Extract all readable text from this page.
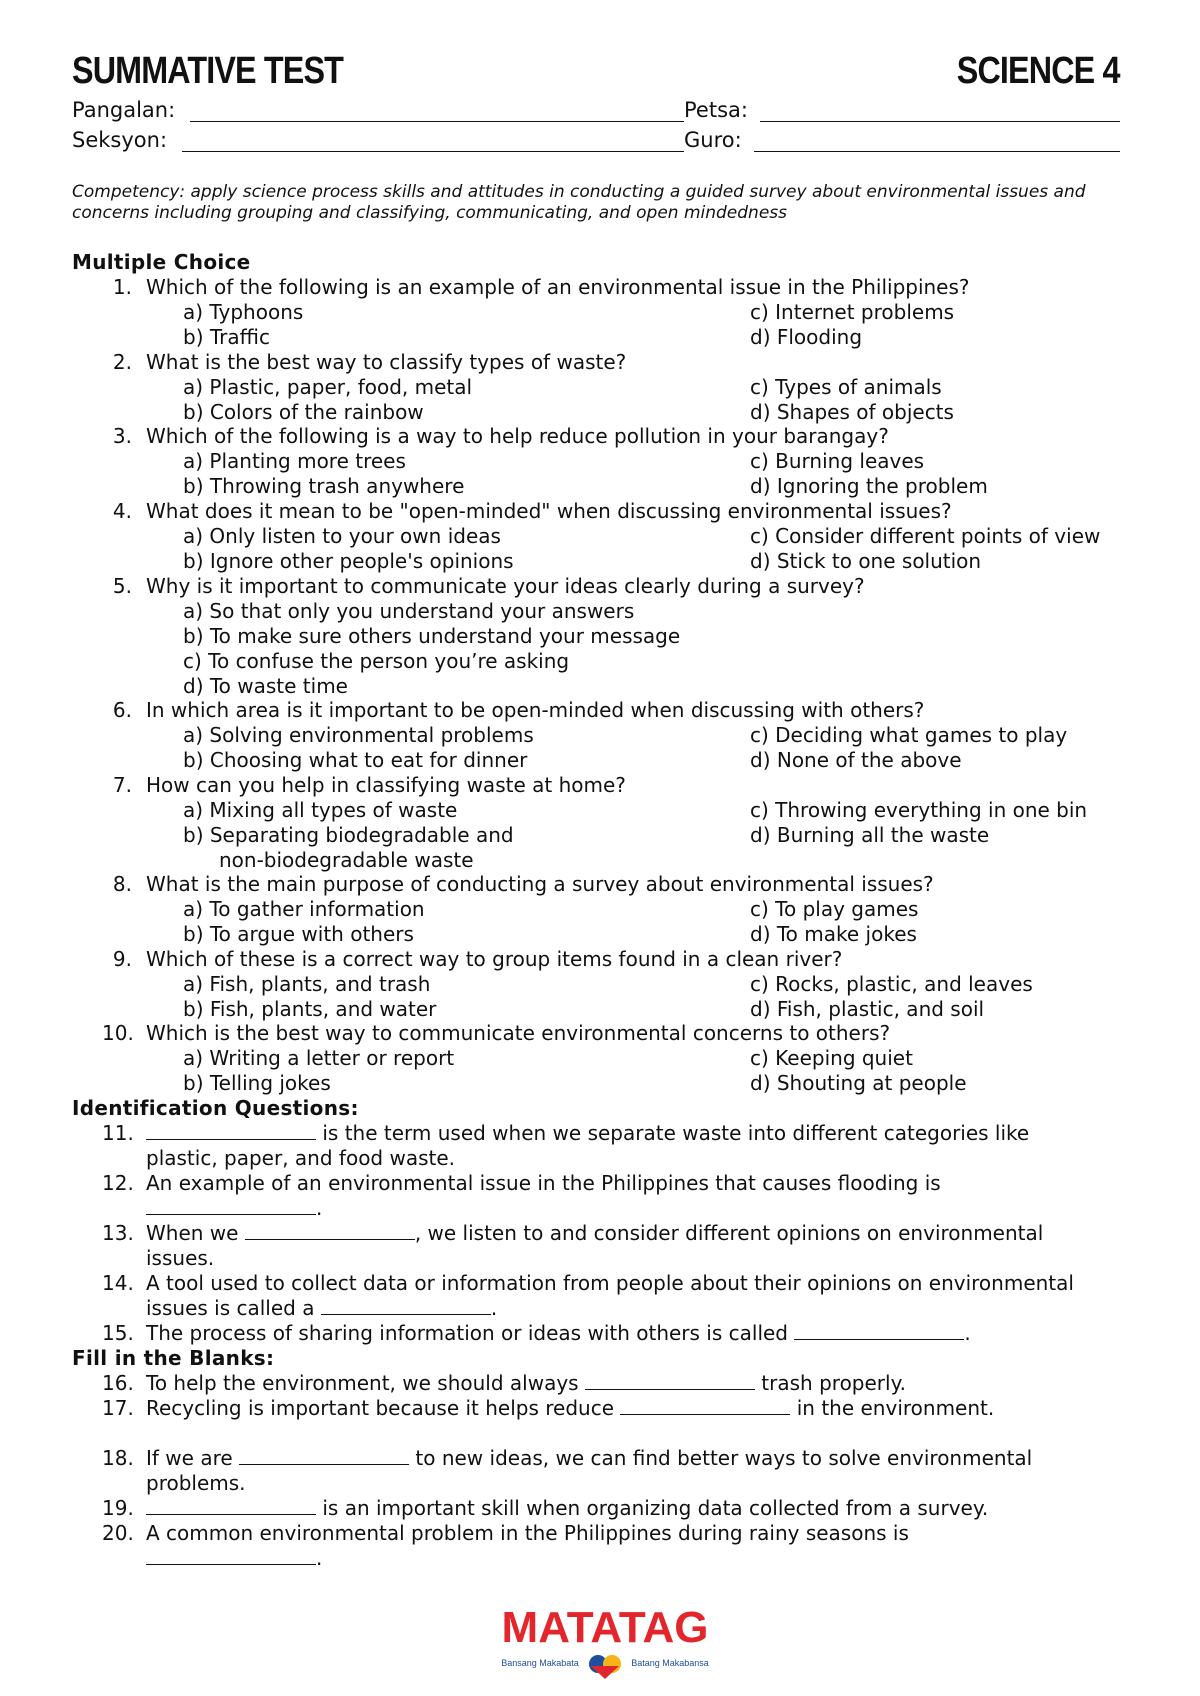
SUMMATIVE TEST	SCIENCE 4
Pangalan:	Petsa:
Seksyon:	Guro:
Competency: apply science process skills and attitudes in conducting a guided survey about environmental issues and concerns including grouping and classifying, communicating, and open mindedness
Multiple Choice
1. Which of the following is an example of an environmental issue in the Philippines?
a) Typhoons	c) Internet problems
b) Traffic	d) Flooding
2. What is the best way to classify types of waste?
a) Plastic, paper, food, metal	c) Types of animals
b) Colors of the rainbow	d) Shapes of objects
3. Which of the following is a way to help reduce pollution in your barangay?
a) Planting more trees	c) Burning leaves
b) Throwing trash anywhere	d) Ignoring the problem
4. What does it mean to be "open-minded" when discussing environmental issues?
a) Only listen to your own ideas	c) Consider different points of view
b) Ignore other people's opinions	d) Stick to one solution
5. Why is it important to communicate your ideas clearly during a survey?
a) So that only you understand your answers
b) To make sure others understand your message
c) To confuse the person you’re asking
d) To waste time
6. In which area is it important to be open-minded when discussing with others?
a) Solving environmental problems	c) Deciding what games to play
b) Choosing what to eat for dinner	d) None of the above
7. How can you help in classifying waste at home?
a) Mixing all types of waste	c) Throwing everything in one bin
b) Separating biodegradable and	d) Burning all the waste
non-biodegradable waste
8. What is the main purpose of conducting a survey about environmental issues?
a) To gather information	c) To play games
b) To argue with others	d) To make jokes
9. Which of these is a correct way to group items found in a clean river?
a) Fish, plants, and trash	c) Rocks, plastic, and leaves
b) Fish, plants, and water	d) Fish, plastic, and soil
10. Which is the best way to communicate environmental concerns to others?
a) Writing a letter or report	c) Keeping quiet
b) Telling jokes	d) Shouting at people
Identification Questions:
11.	is the term used when we separate waste into different categories like
plastic, paper, and food waste.
12. An example of an environmental issue in the Philippines that causes flooding is
.
13. When we	, we listen to and consider different opinions on environmental
issues.
14. A tool used to collect data or information from people about their opinions on environmental
issues is called a	.
15. The process of sharing information or ideas with others is called	.
Fill in the Blanks:
16. To help the environment, we should always	trash properly.
17. Recycling is important because it helps reduce	in the environment.
18. If we are	to new ideas, we can find better ways to solve environmental
problems.
19.	is an important skill when organizing data collected from a survey.
20. A common environmental problem in the Philippines during rainy seasons is
.
MATATAG
Bansang Makabata	Batang Makabansa
